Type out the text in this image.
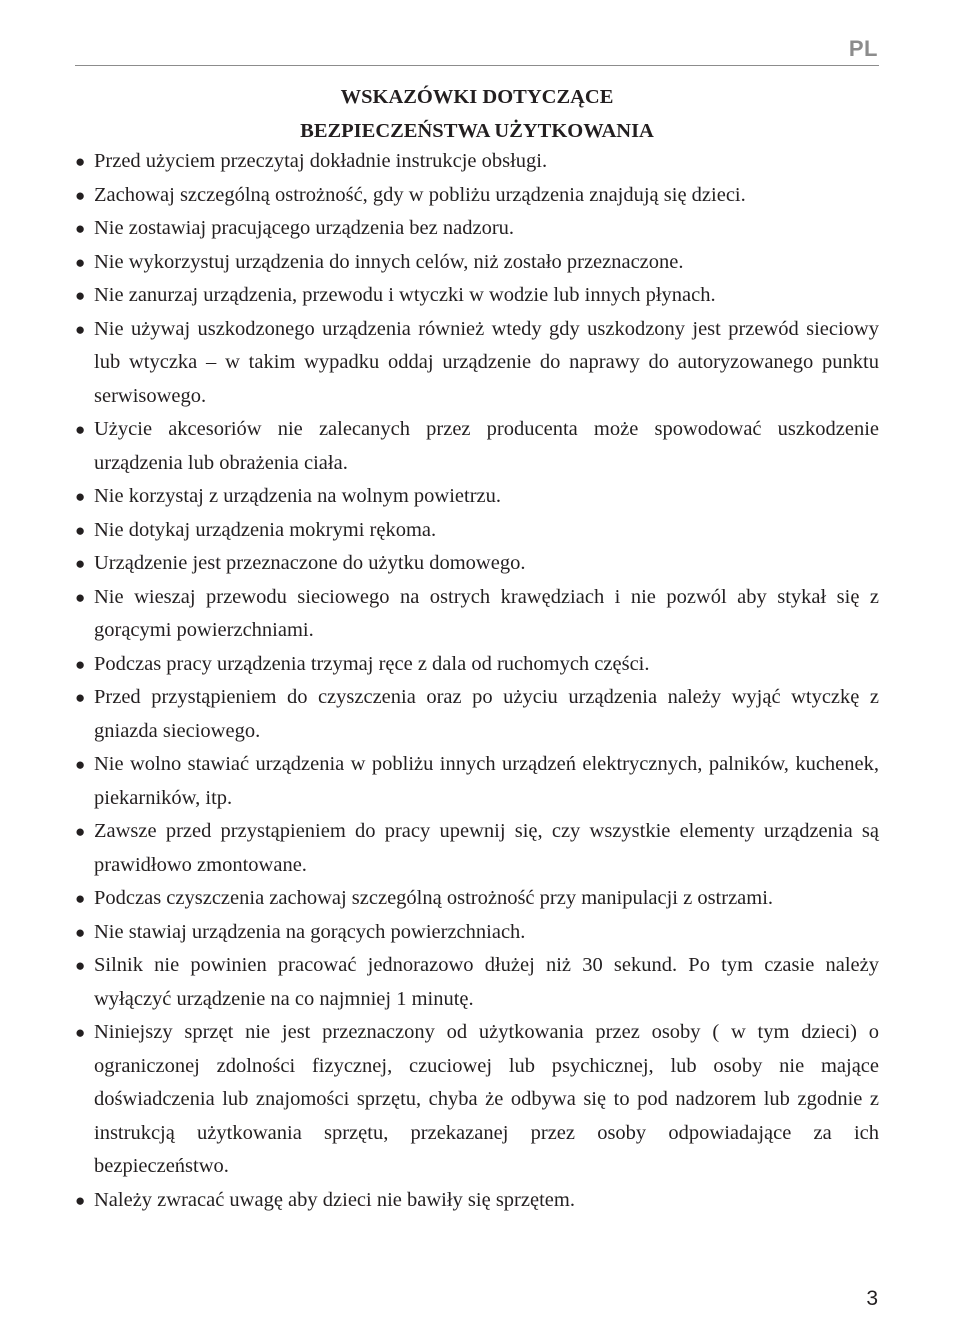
PL
WSKAZÓWKI DOTYCZĄCE
BEZPIECZEŃSTWA UŻYTKOWANIA
● Przed użyciem przeczytaj dokładnie instrukcje obsługi.
● Zachowaj szczególną ostrożność, gdy w pobliżu urządzenia znajdują się dzieci.
● Nie zostawiaj pracującego urządzenia bez nadzoru.
● Nie wykorzystuj urządzenia do innych celów, niż zostało przeznaczone.
● Nie zanurzaj urządzenia, przewodu i wtyczki w wodzie lub innych płynach.
● Nie używaj uszkodzonego urządzenia również wtedy gdy uszkodzony jest przewód sieciowy lub wtyczka – w takim wypadku oddaj urządzenie do naprawy do autoryzowanego punktu serwisowego.
● Użycie akcesoriów nie zalecanych przez producenta może spowodować uszkodzenie urządzenia lub obrażenia ciała.
● Nie korzystaj z urządzenia na wolnym powietrzu.
● Nie dotykaj urządzenia mokrymi rękoma.
● Urządzenie jest przeznaczone do użytku domowego.
● Nie wieszaj przewodu sieciowego na ostrych krawędziach i nie pozwól aby stykał się z gorącymi powierzchniami.
● Podczas pracy urządzenia trzymaj ręce z dala od ruchomych części.
● Przed przystąpieniem do czyszczenia oraz po użyciu urządzenia należy wyjąć wtyczkę z gniazda sieciowego.
● Nie wolno stawiać urządzenia w pobliżu innych urządzeń elektrycznych, palników, kuchenek, piekarników, itp.
● Zawsze przed przystąpieniem do pracy upewnij się, czy wszystkie elementy urządzenia są prawidłowo zmontowane.
● Podczas czyszczenia zachowaj szczególną ostrożność przy manipulacji z ostrzami.
● Nie stawiaj urządzenia na gorących powierzchniach.
● Silnik nie powinien pracować jednorazowo dłużej niż 30 sekund. Po tym czasie należy wyłączyć urządzenie na co najmniej 1 minutę.
● Niniejszy sprzęt nie jest przeznaczony od użytkowania przez osoby ( w tym dzieci) o ograniczonej zdolności fizycznej, czuciowej lub psychicznej, lub osoby nie mające doświadczenia lub znajomości sprzętu, chyba że odbywa się to pod nadzorem lub zgodnie z instrukcją użytkowania sprzętu, przekazanej przez osoby odpowiadające za ich bezpieczeństwo.
● Należy zwracać uwagę aby dzieci nie bawiły się sprzętem.
3
